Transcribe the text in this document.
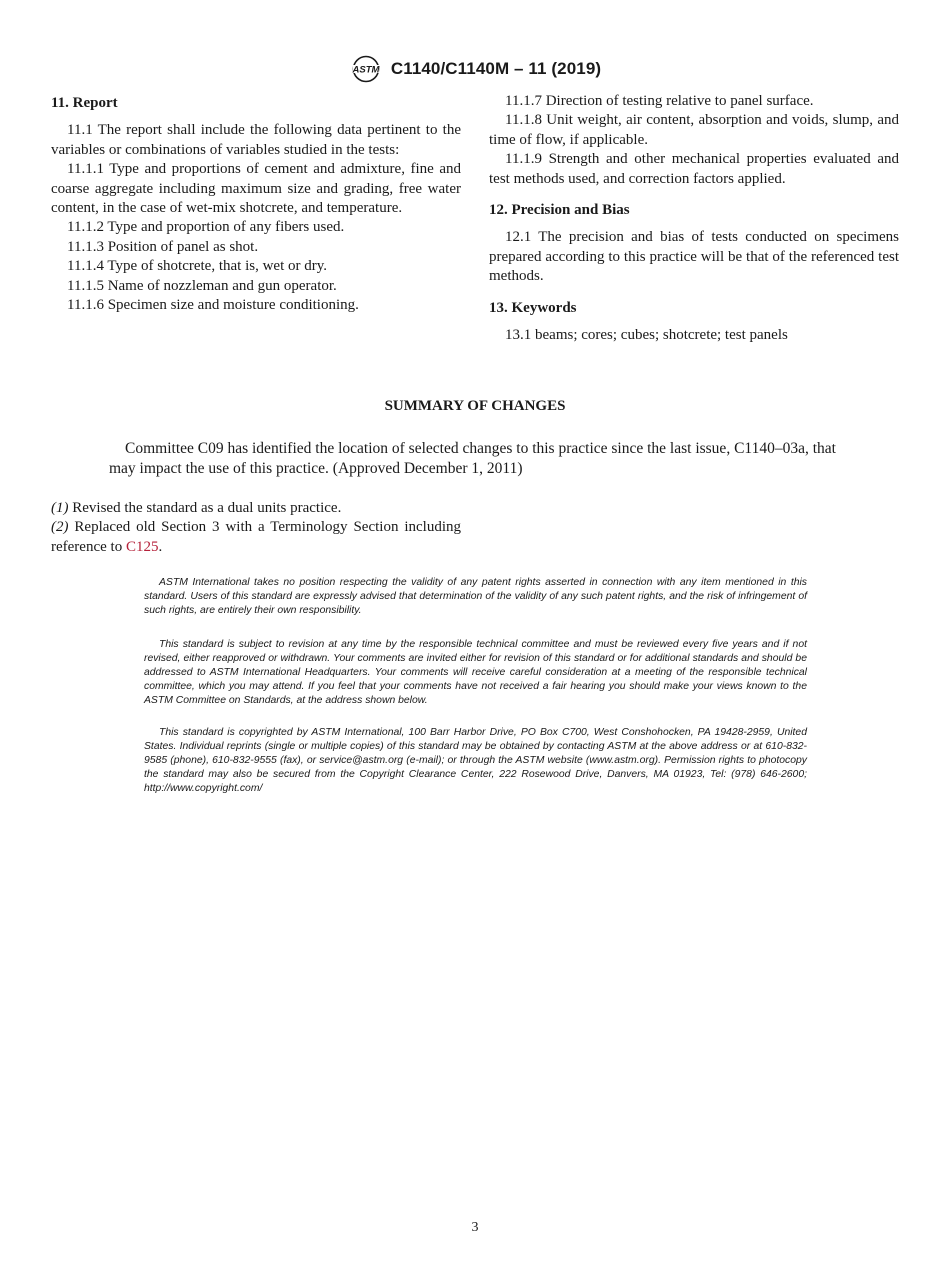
ASTM C1140/C1140M – 11 (2019)
11. Report

11.1 The report shall include the following data pertinent to the variables or combinations of variables studied in the tests:

11.1.1 Type and proportions of cement and admixture, fine and coarse aggregate including maximum size and grading, free water content, in the case of wet-mix shotcrete, and temperature.

11.1.2 Type and proportion of any fibers used.

11.1.3 Position of panel as shot.

11.1.4 Type of shotcrete, that is, wet or dry.

11.1.5 Name of nozzleman and gun operator.

11.1.6 Specimen size and moisture conditioning.

11.1.7 Direction of testing relative to panel surface.

11.1.8 Unit weight, air content, absorption and voids, slump, and time of flow, if applicable.

11.1.9 Strength and other mechanical properties evaluated and test methods used, and correction factors applied.

12. Precision and Bias

12.1 The precision and bias of tests conducted on specimens prepared according to this practice will be that of the referenced test methods.

13. Keywords

13.1 beams; cores; cubes; shotcrete; test panels

SUMMARY OF CHANGES
Committee C09 has identified the location of selected changes to this practice since the last issue, C1140–03a, that may impact the use of this practice. (Approved December 1, 2011)

(1) Revised the standard as a dual units practice.

(2) Replaced old Section 3 with a Terminology Section including reference to C125.

ASTM International takes no position respecting the validity of any patent rights asserted in connection with any item mentioned in this standard. Users of this standard are expressly advised that determination of the validity of any such patent rights, and the risk of infringement of such rights, are entirely their own responsibility.

This standard is subject to revision at any time by the responsible technical committee and must be reviewed every five years and if not revised, either reapproved or withdrawn. Your comments are invited either for revision of this standard or for additional standards and should be addressed to ASTM International Headquarters. Your comments will receive careful consideration at a meeting of the responsible technical committee, which you may attend. If you feel that your comments have not received a fair hearing you should make your views known to the ASTM Committee on Standards, at the address shown below.

This standard is copyrighted by ASTM International, 100 Barr Harbor Drive, PO Box C700, West Conshohocken, PA 19428-2959, United States. Individual reprints (single or multiple copies) of this standard may be obtained by contacting ASTM at the above address or at 610-832-9585 (phone), 610-832-9555 (fax), or service@astm.org (e-mail); or through the ASTM website (www.astm.org). Permission rights to photocopy the standard may also be secured from the Copyright Clearance Center, 222 Rosewood Drive, Danvers, MA 01923, Tel: (978) 646-2600; http://www.copyright.com/

3
